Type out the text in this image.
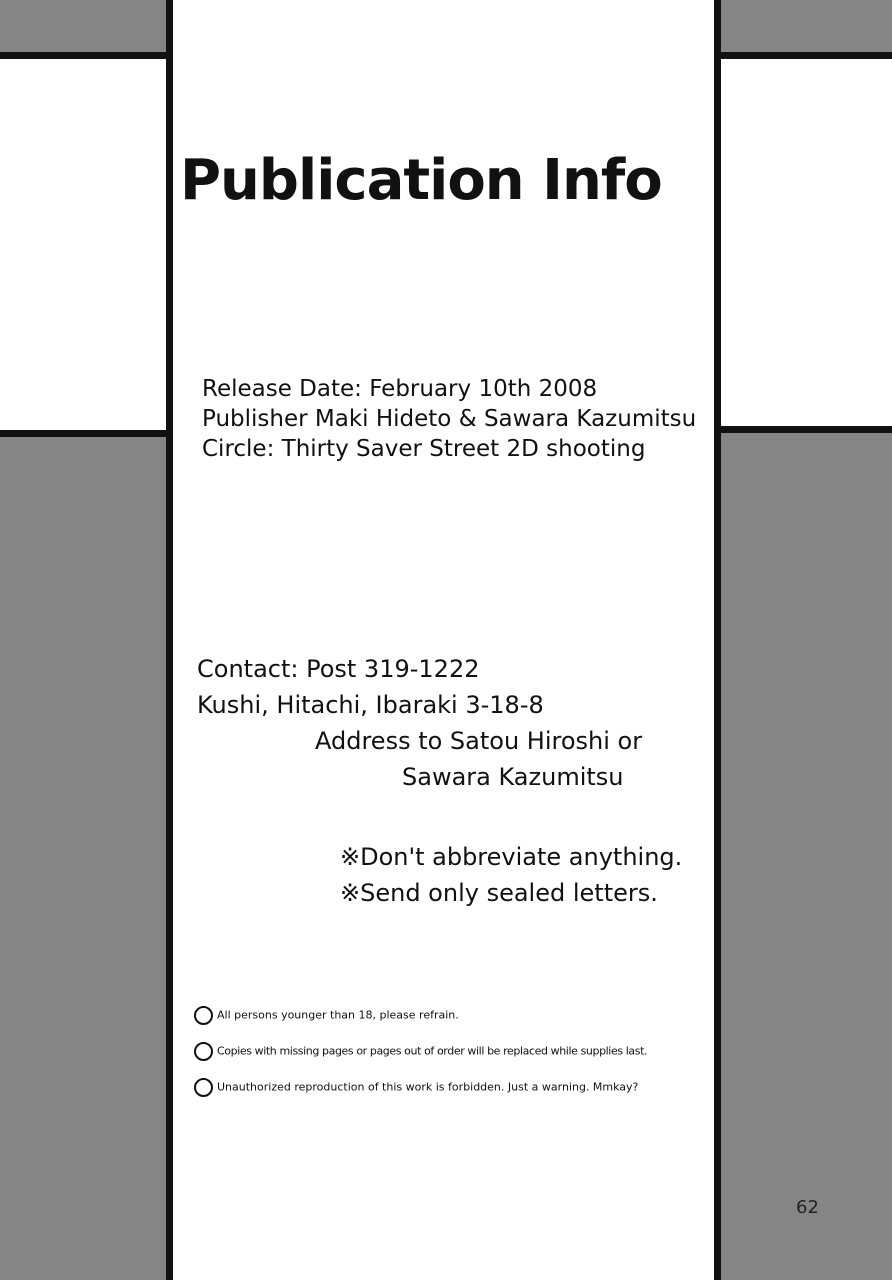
Publication Info
Release Date: February 10th 2008
Publisher Maki Hideto & Sawara Kazumitsu
Circle: Thirty Saver Street 2D shooting
Contact: Post 319-1222
Kushi, Hitachi, Ibaraki 3-18-8
Address to Satou Hiroshi or
Sawara Kazumitsu
※Don't abbreviate anything.
※Send only sealed letters.
All persons younger than 18, please refrain.
Copies with missing pages or pages out of order will be replaced while supplies last.
Unauthorized reproduction of this work is forbidden. Just a warning. Mmkay?
62
